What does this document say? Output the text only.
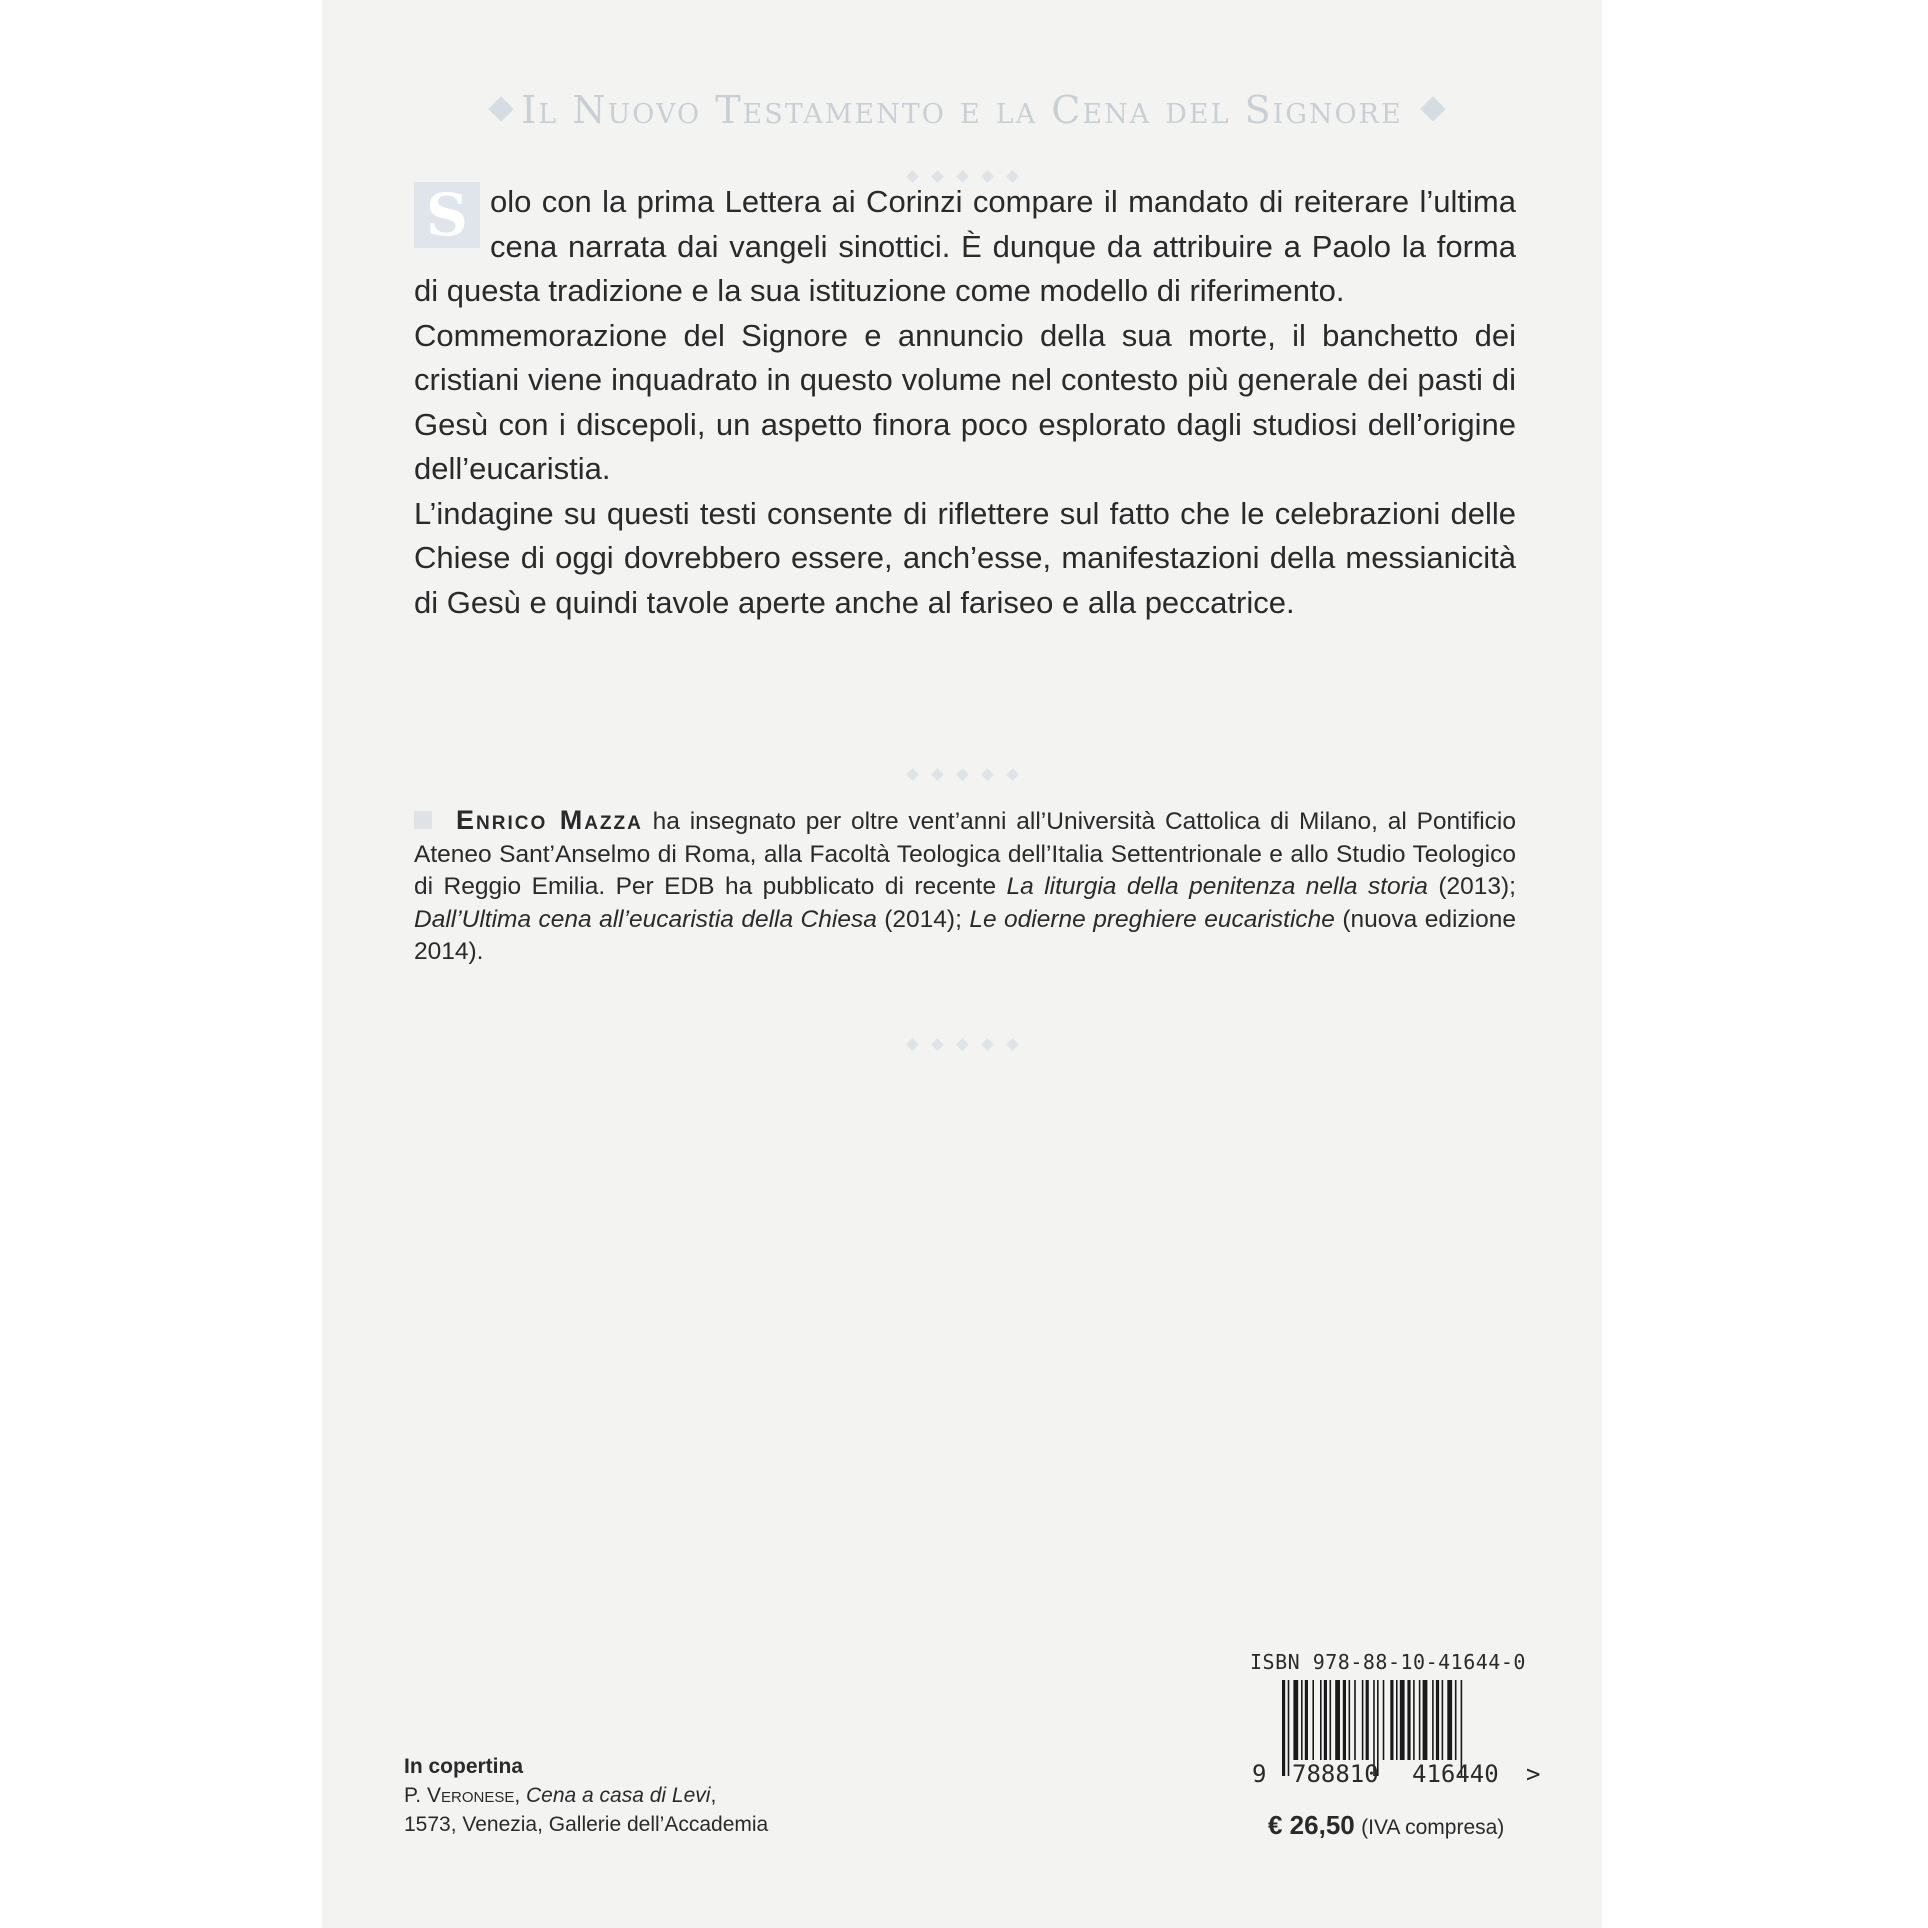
Il Nuovo Testamento e la Cena del Signore

S olo con la prima Lettera ai Corinzi compare il mandato di reiterare l’ultima cena narrata dai vangeli sinottici. È dunque da attribuire a Paolo la forma di questa tradizione e la sua istituzione come modello di riferimento.

Commemorazione del Signore e annuncio della sua morte, il banchetto dei cristiani viene inquadrato in questo volume nel contesto più generale dei pasti di Gesù con i discepoli, un aspetto finora poco esplorato dagli studiosi dell’origine dell’eucaristia.

L’indagine su questi testi consente di riflettere sul fatto che le celebrazioni delle Chiese di oggi dovrebbero essere, anch’esse, manifestazioni della messianicità di Gesù e quindi tavole aperte anche al fariseo e alla peccatrice.

Enrico Mazza ha insegnato per oltre vent’anni all’Università Cattolica di Milano, al Pontificio Ateneo Sant’Anselmo di Roma, alla Facoltà Teologica dell’Italia Settentrionale e allo Studio Teologico di Reggio Emilia. Per EDB ha pubblicato di recente La liturgia della penitenza nella storia (2013); Dall’Ultima cena all’eucaristia della Chiesa (2014); Le odierne preghiere eucaristiche (nuova edizione 2014).
In copertina
P. Veronese, Cena a casa di Levi,
1573, Venezia, Gallerie dell’Accademia
ISBN 978-88-10-41644-0
9 788810 416440 >
€ 26,50 (IVA compresa)
